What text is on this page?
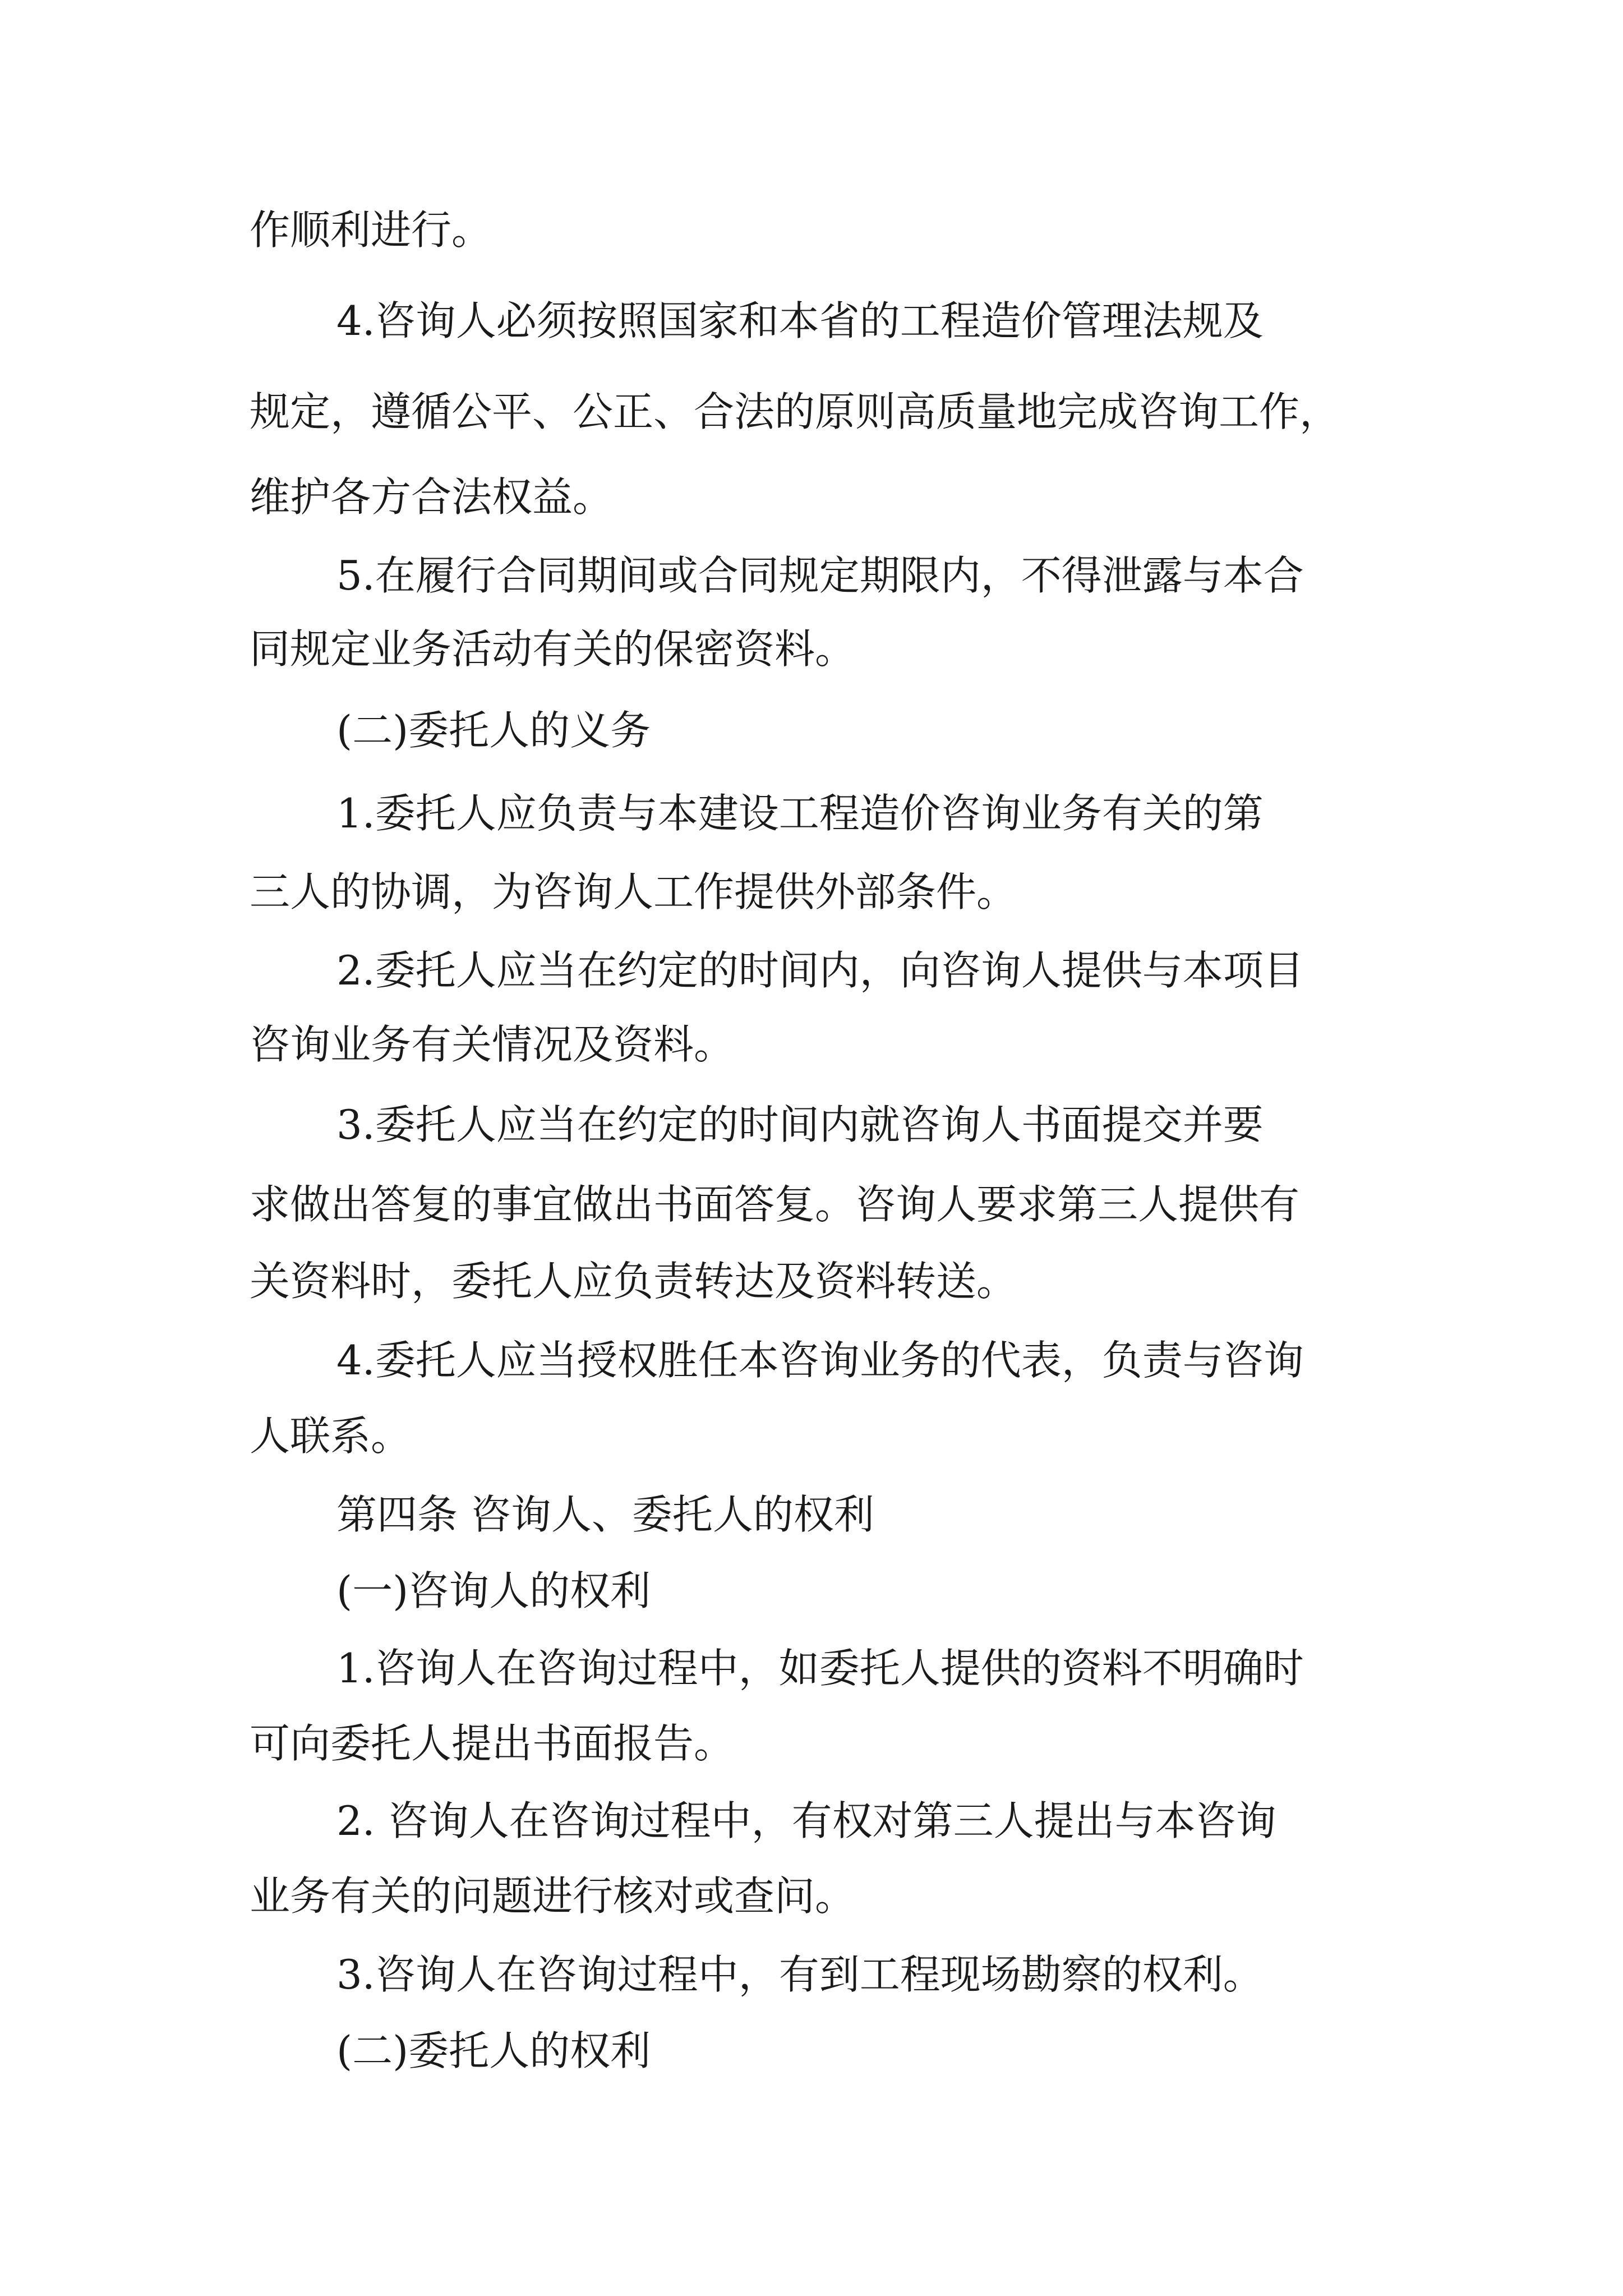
作顺利进行。
4.咨询人必须按照国家和本省的工程造价管理法规及
规定，遵循公平、公正、合法的原则高质量地完成咨询工作，
维护各方合法权益。
5.在履行合同期间或合同规定期限内，不得泄露与本合
同规定业务活动有关的保密资料。
(二)委托人的义务
1.委托人应负责与本建设工程造价咨询业务有关的第
三人的协调，为咨询人工作提供外部条件。
2.委托人应当在约定的时间内，向咨询人提供与本项目
咨询业务有关情况及资料。
3.委托人应当在约定的时间内就咨询人书面提交并要
求做出答复的事宜做出书面答复。咨询人要求第三人提供有
关资料时，委托人应负责转达及资料转送。
4.委托人应当授权胜任本咨询业务的代表，负责与咨询
人联系。
第四条 咨询人、委托人的权利
(一)咨询人的权利
1.咨询人在咨询过程中，如委托人提供的资料不明确时
可向委托人提出书面报告。
2. 咨询人在咨询过程中，有权对第三人提出与本咨询
业务有关的问题进行核对或查问。
3.咨询人在咨询过程中，有到工程现场勘察的权利。
(二)委托人的权利
